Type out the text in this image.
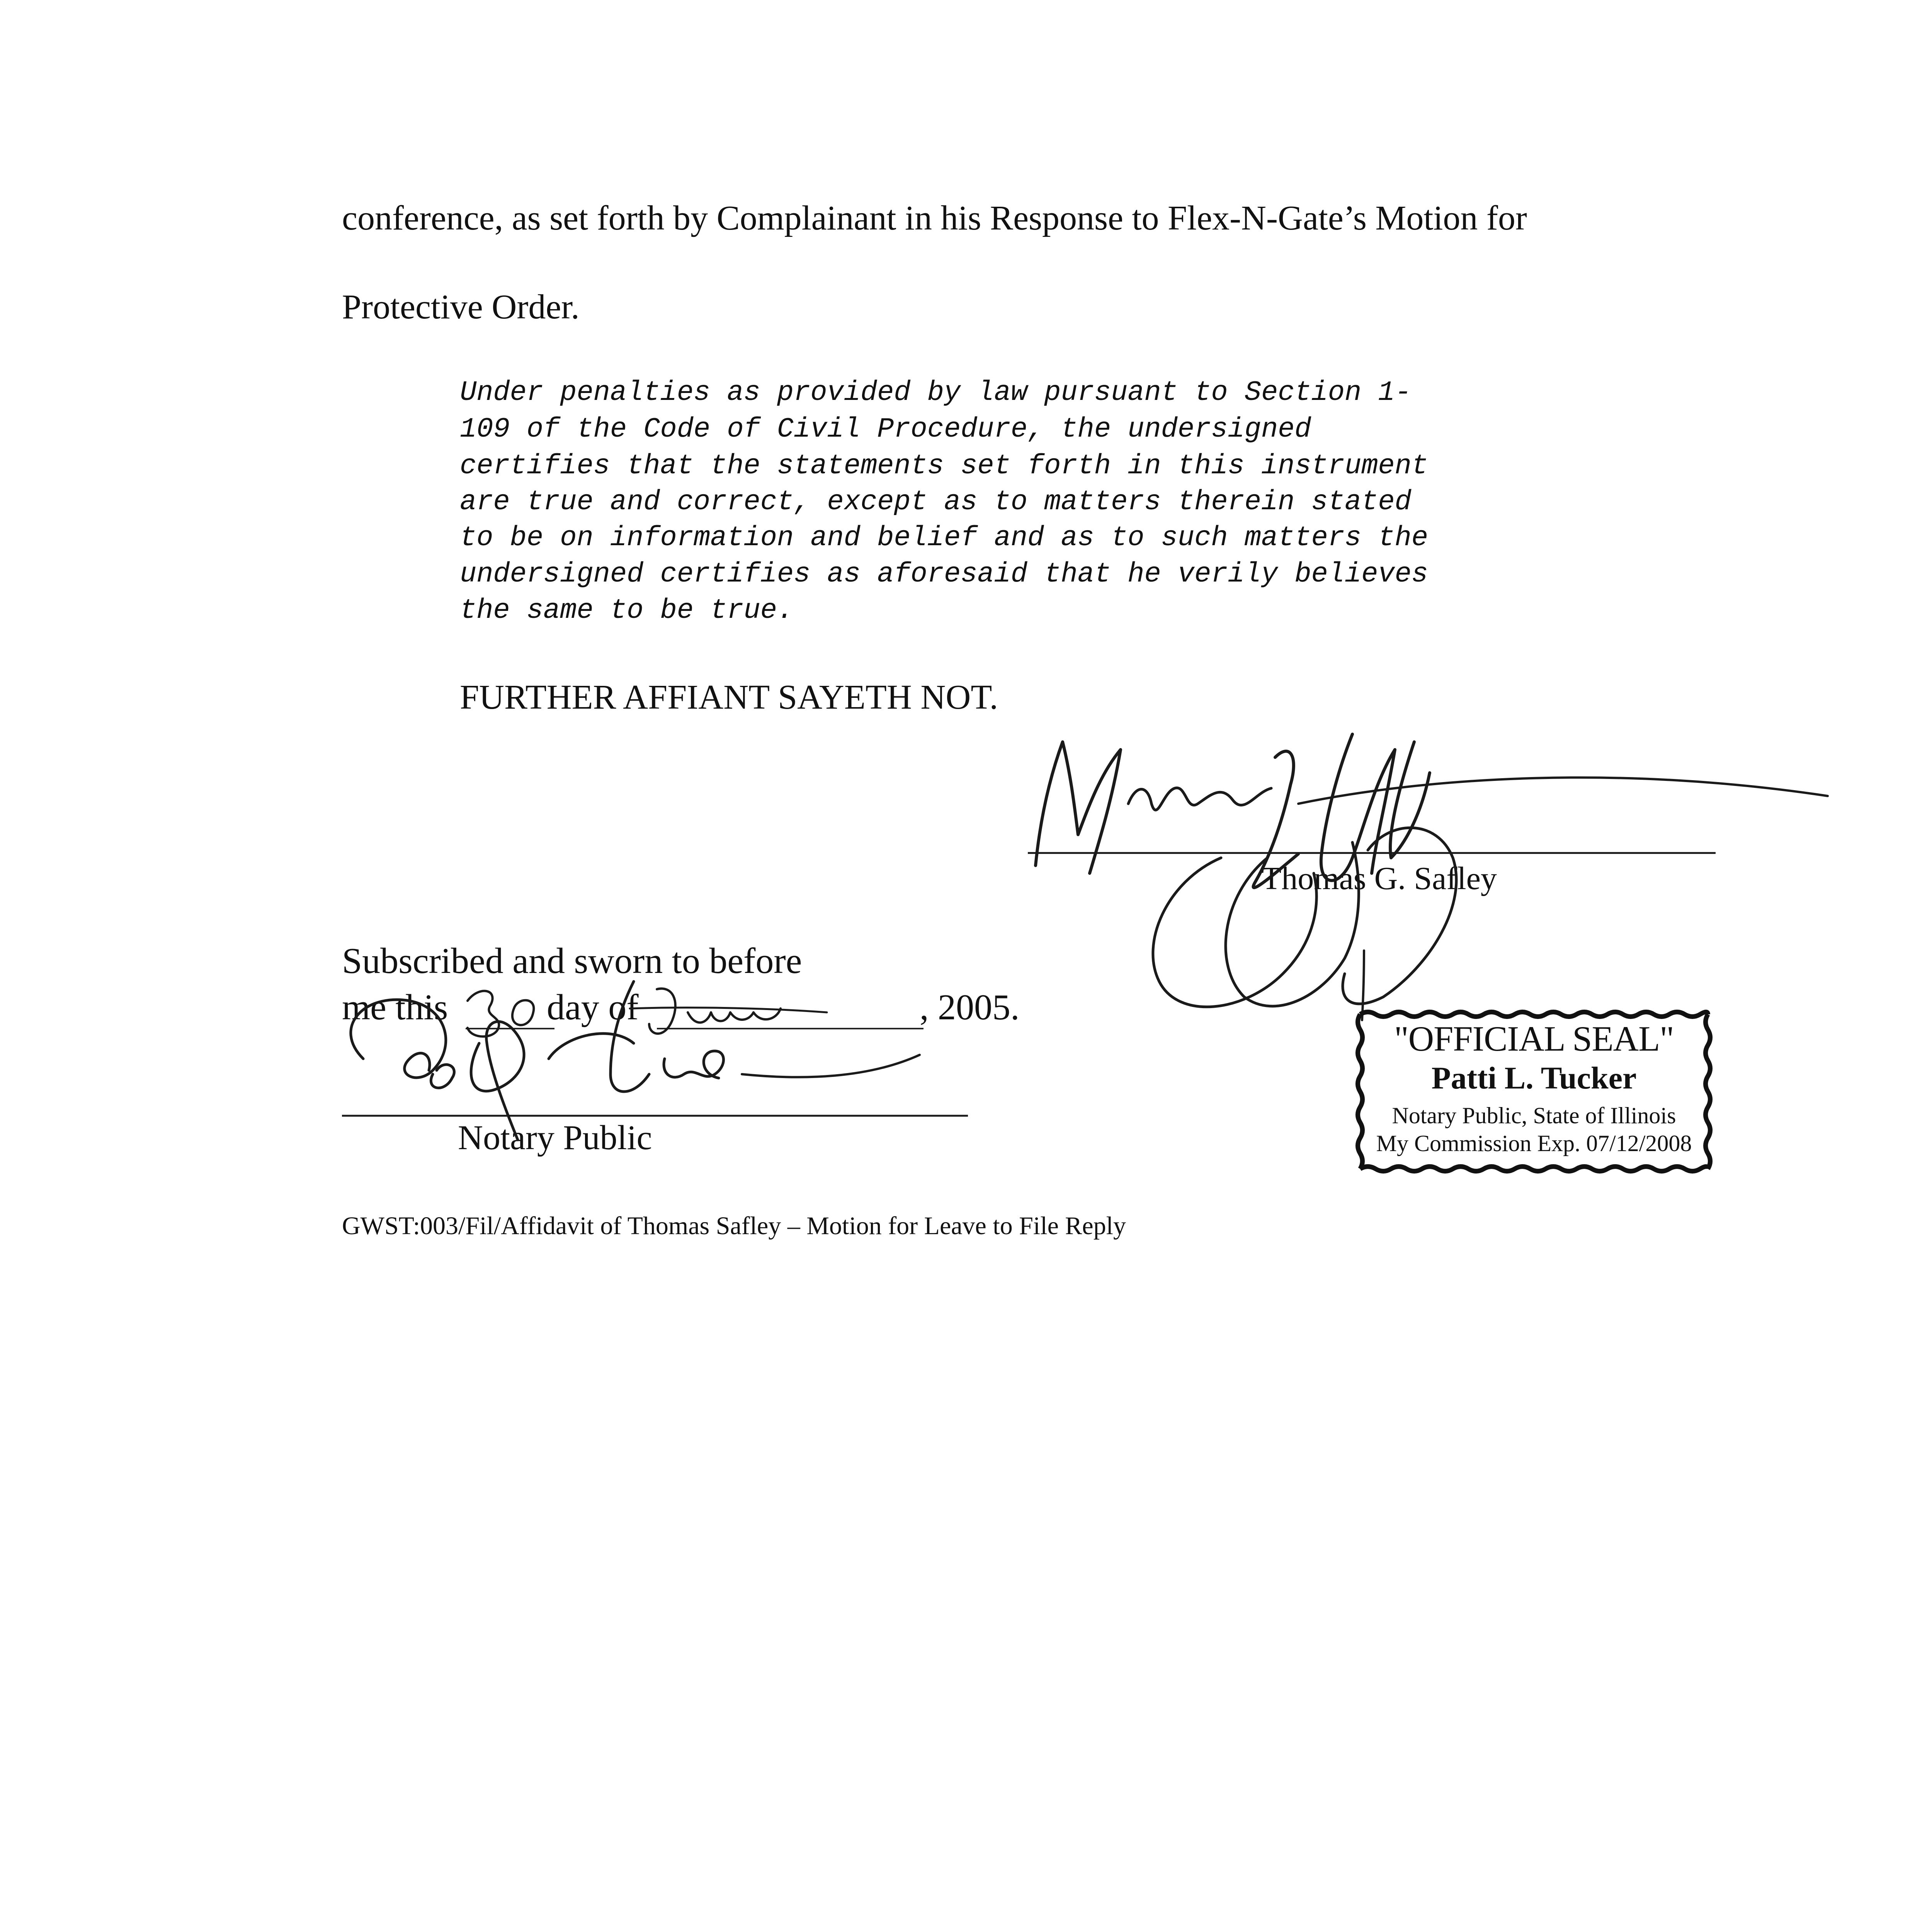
conference, as set forth by Complainant in his Response to Flex-N-Gate’s Motion for
Protective Order.
Under penalties as provided by law pursuant to Section 1-
109 of the Code of Civil Procedure, the undersigned
certifies that the statements set forth in this instrument
are true and correct, except as to matters therein stated
to be on information and belief and as to such matters the
undersigned certifies as aforesaid that he verily believes
the same to be true.
FURTHER AFFIANT SAYETH NOT.
Thomas G. Safley
Subscribed and sworn to before
me this	day of	, 2005.
Notary Public
"OFFICIAL SEAL"
Patti L. Tucker
Notary Public, State of Illinois
My Commission Exp. 07/12/2008
GWST:003/Fil/Affidavit of Thomas Safley – Motion for Leave to File Reply
